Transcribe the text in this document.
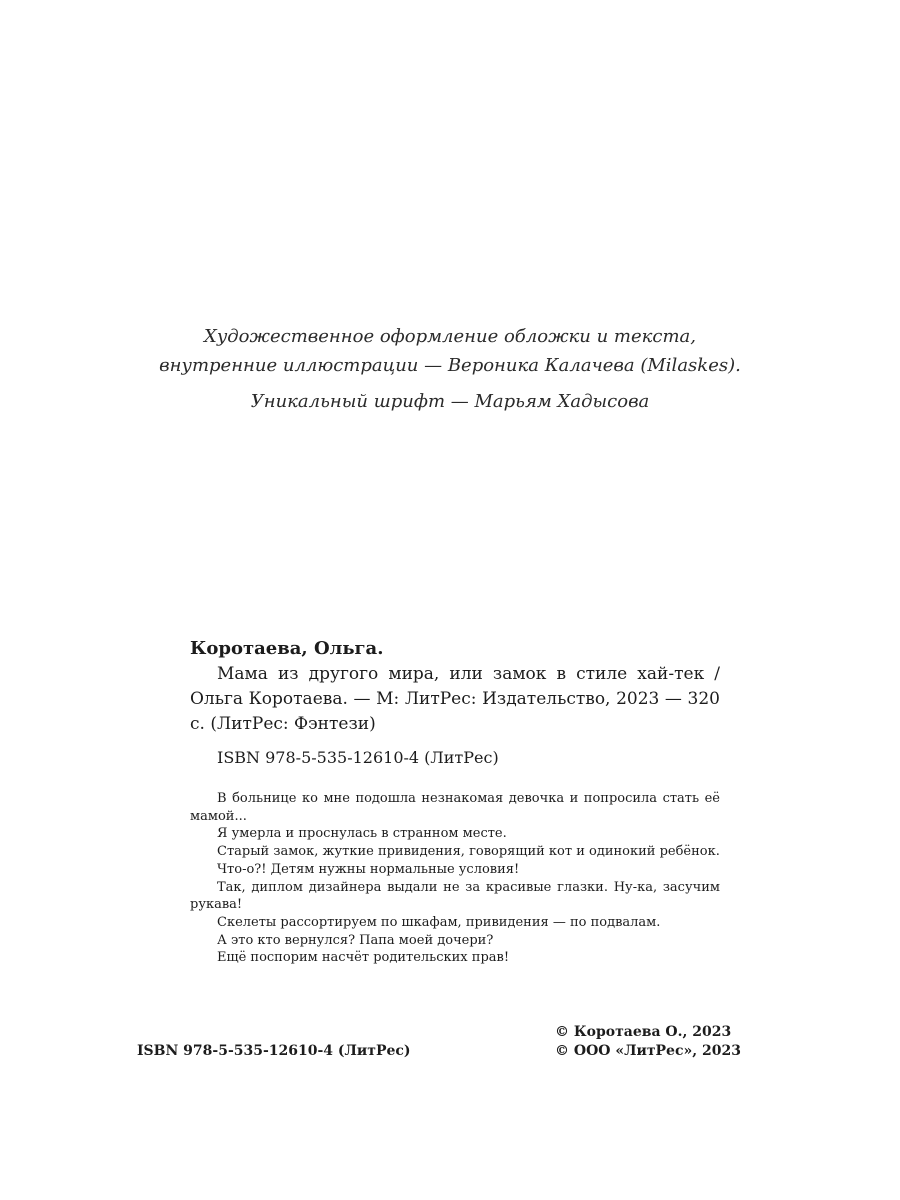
Художественное оформление обложки и текста,
внутренние иллюстрации — Вероника Калачева (Milaskes).
Уникальный шрифт — Марьям Хадысова

Коротаева, Ольга.

Мама из другого мира, или замок в стиле хай-тек / Ольга Коротаева. — М: ЛитРес: Издательство, 2023 — 320 с. (ЛитРес: Фэнтези)

ISBN 978-5-535-12610-4 (ЛитРес)

В больнице ко мне подошла незнакомая девочка и попросила стать её мамой...

Я умерла и проснулась в странном месте.

Старый замок, жуткие привидения, говорящий кот и одинокий ребёнок.

Что-о?! Детям нужны нормальные условия!

Так, диплом дизайнера выдали не за красивые глазки. Ну-ка, засучим рукава!

Скелеты рассортируем по шкафам, привидения — по подвалам.

А это кто вернулся? Папа моей дочери?

Ещё поспорим насчёт родительских прав!

ISBN 978-5-535-12610-4 (ЛитРес)
© Коротаева О., 2023
© ООО «ЛитРес», 2023
